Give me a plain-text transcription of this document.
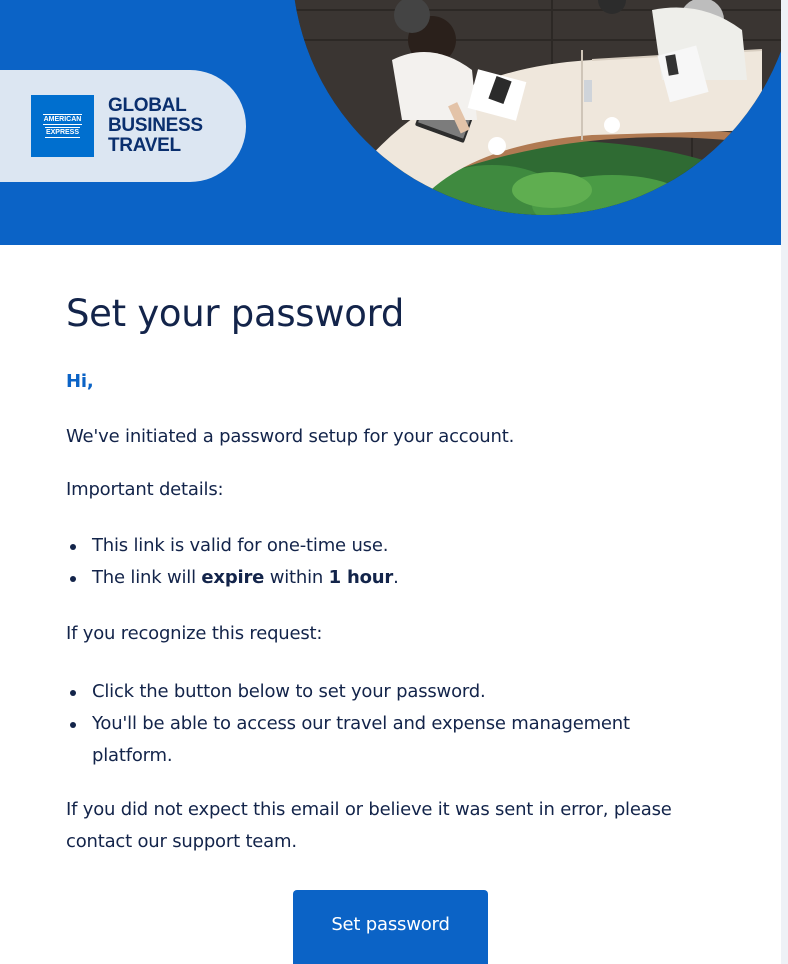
AMERICAN
EXPRESS
GLOBAL
BUSINESS
TRAVEL
Set your password

Hi,

We've initiated a password setup for your account.

Important details:

This link is valid for one-time use.
The link will expire within 1 hour.

If you recognize this request:

Click the button below to set your password.
You'll be able to access our travel and expense management platform.

If you did not expect this email or believe it was sent in error, please contact our support team.

Set password
